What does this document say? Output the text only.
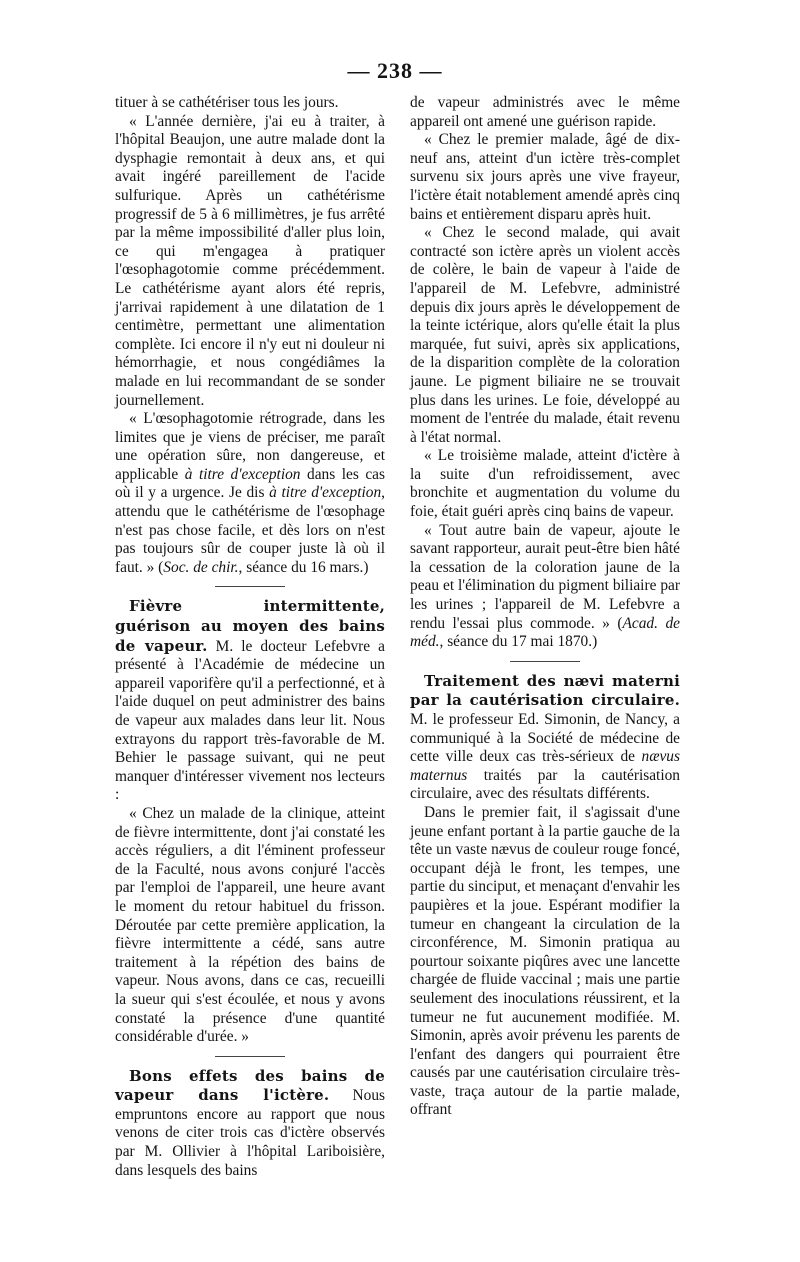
— 238 —

tituer à se cathétériser tous les jours.

« L'année dernière, j'ai eu à traiter, à l'hôpital Beaujon, une autre malade dont la dysphagie remontait à deux ans, et qui avait ingéré pareillement de l'acide sulfurique. Après un cathétérisme progressif de 5 à 6 millimètres, je fus arrêté par la même impossibilité d'aller plus loin, ce qui m'engagea à pratiquer l'œsophagotomie comme précédemment. Le cathétérisme ayant alors été repris, j'arrivai rapidement à une dilatation de 1 centimètre, permettant une alimentation complète. Ici encore il n'y eut ni douleur ni hémorrhagie, et nous congédiâmes la malade en lui recommandant de se sonder journellement.

« L'œsophagotomie rétrograde, dans les limites que je viens de préciser, me paraît une opération sûre, non dangereuse, et applicable à titre d'exception dans les cas où il y a urgence. Je dis à titre d'exception, attendu que le cathétérisme de l'œsophage n'est pas chose facile, et dès lors on n'est pas toujours sûr de couper juste là où il faut. » (Soc. de chir., séance du 16 mars.)

Fièvre intermittente, guérison au moyen des bains de vapeur. M. le docteur Lefebvre a présenté à l'Académie de médecine un appareil vaporifère qu'il a perfectionné, et à l'aide duquel on peut administrer des bains de vapeur aux malades dans leur lit. Nous extrayons du rapport très-favorable de M. Behier le passage suivant, qui ne peut manquer d'intéresser vivement nos lecteurs :

« Chez un malade de la clinique, atteint de fièvre intermittente, dont j'ai constaté les accès réguliers, a dit l'éminent professeur de la Faculté, nous avons conjuré l'accès par l'emploi de l'appareil, une heure avant le moment du retour habituel du frisson. Déroutée par cette première application, la fièvre intermittente a cédé, sans autre traitement à la répétion des bains de vapeur. Nous avons, dans ce cas, recueilli la sueur qui s'est écoulée, et nous y avons constaté la présence d'une quantité considérable d'urée. »

Bons effets des bains de vapeur dans l'ictère. Nous empruntons encore au rapport que nous venons de citer trois cas d'ictère observés par M. Ollivier à l'hôpital Lariboisière, dans lesquels des bains

de vapeur administrés avec le même appareil ont amené une guérison rapide.

« Chez le premier malade, âgé de dix-neuf ans, atteint d'un ictère très-complet survenu six jours après une vive frayeur, l'ictère était notablement amendé après cinq bains et entièrement disparu après huit.

« Chez le second malade, qui avait contracté son ictère après un violent accès de colère, le bain de vapeur à l'aide de l'appareil de M. Lefebvre, administré depuis dix jours après le développement de la teinte ictérique, alors qu'elle était la plus marquée, fut suivi, après six applications, de la disparition complète de la coloration jaune. Le pigment biliaire ne se trouvait plus dans les urines. Le foie, développé au moment de l'entrée du malade, était revenu à l'état normal.

« Le troisième malade, atteint d'ictère à la suite d'un refroidissement, avec bronchite et augmentation du volume du foie, était guéri après cinq bains de vapeur.

« Tout autre bain de vapeur, ajoute le savant rapporteur, aurait peut-être bien hâté la cessation de la coloration jaune de la peau et l'élimination du pigment biliaire par les urines ; l'appareil de M. Lefebvre a rendu l'essai plus commode. » (Acad. de méd., séance du 17 mai 1870.)

Traitement des nævi materni par la cautérisation circulaire. M. le professeur Ed. Simonin, de Nancy, a communiqué à la Société de médecine de cette ville deux cas très-sérieux de nævus maternus traités par la cautérisation circulaire, avec des résultats différents.

Dans le premier fait, il s'agissait d'une jeune enfant portant à la partie gauche de la tête un vaste nævus de couleur rouge foncé, occupant déjà le front, les tempes, une partie du sinciput, et menaçant d'envahir les paupières et la joue. Espérant modifier la tumeur en changeant la circulation de la circonférence, M. Simonin pratiqua au pourtour soixante piqûres avec une lancette chargée de fluide vaccinal ; mais une partie seulement des inoculations réussirent, et la tumeur ne fut aucunement modifiée. M. Simonin, après avoir prévenu les parents de l'enfant des dangers qui pourraient être causés par une cautérisation circulaire très-vaste, traça autour de la partie malade, offrant
